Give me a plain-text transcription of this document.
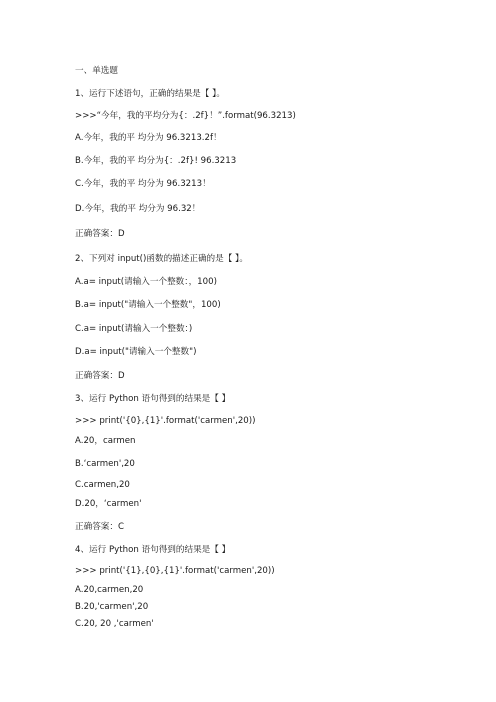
一、单选题
1、运行下述语句，正确的结果是【 】。
>>>“今年，我的平均分为{：.2f}！”.format(96.3213)
A.今年，我的平 均分为 96.3213.2f！
B.今年，我的平 均分为{：.2f}! 96.3213
C.今年，我的平 均分为 96.3213！
D.今年，我的平 均分为 96.32！
正确答案：D
2、下列对 input()函数的描述正确的是【 】。
A.a= input(请输入一个整数：，100)
B.a= input("请输入一个整数"，100)
C.a= input(请输入一个整数：)
D.a= input("请输入一个整数")
正确答案：D
3、运行 Python 语句得到的结果是【 】
>>> print('{0},{1}'.format('carmen',20))
A.20，carmen
B.‘carmen',20
C.carmen,20
D.20，‘carmen'
正确答案：C
4、运行 Python 语句得到的结果是【 】
>>> print('{1},{0},{1}'.format('carmen',20))
A.20,carmen,20
B.20,'carmen',20
C.20, 20 ,'carmen'
